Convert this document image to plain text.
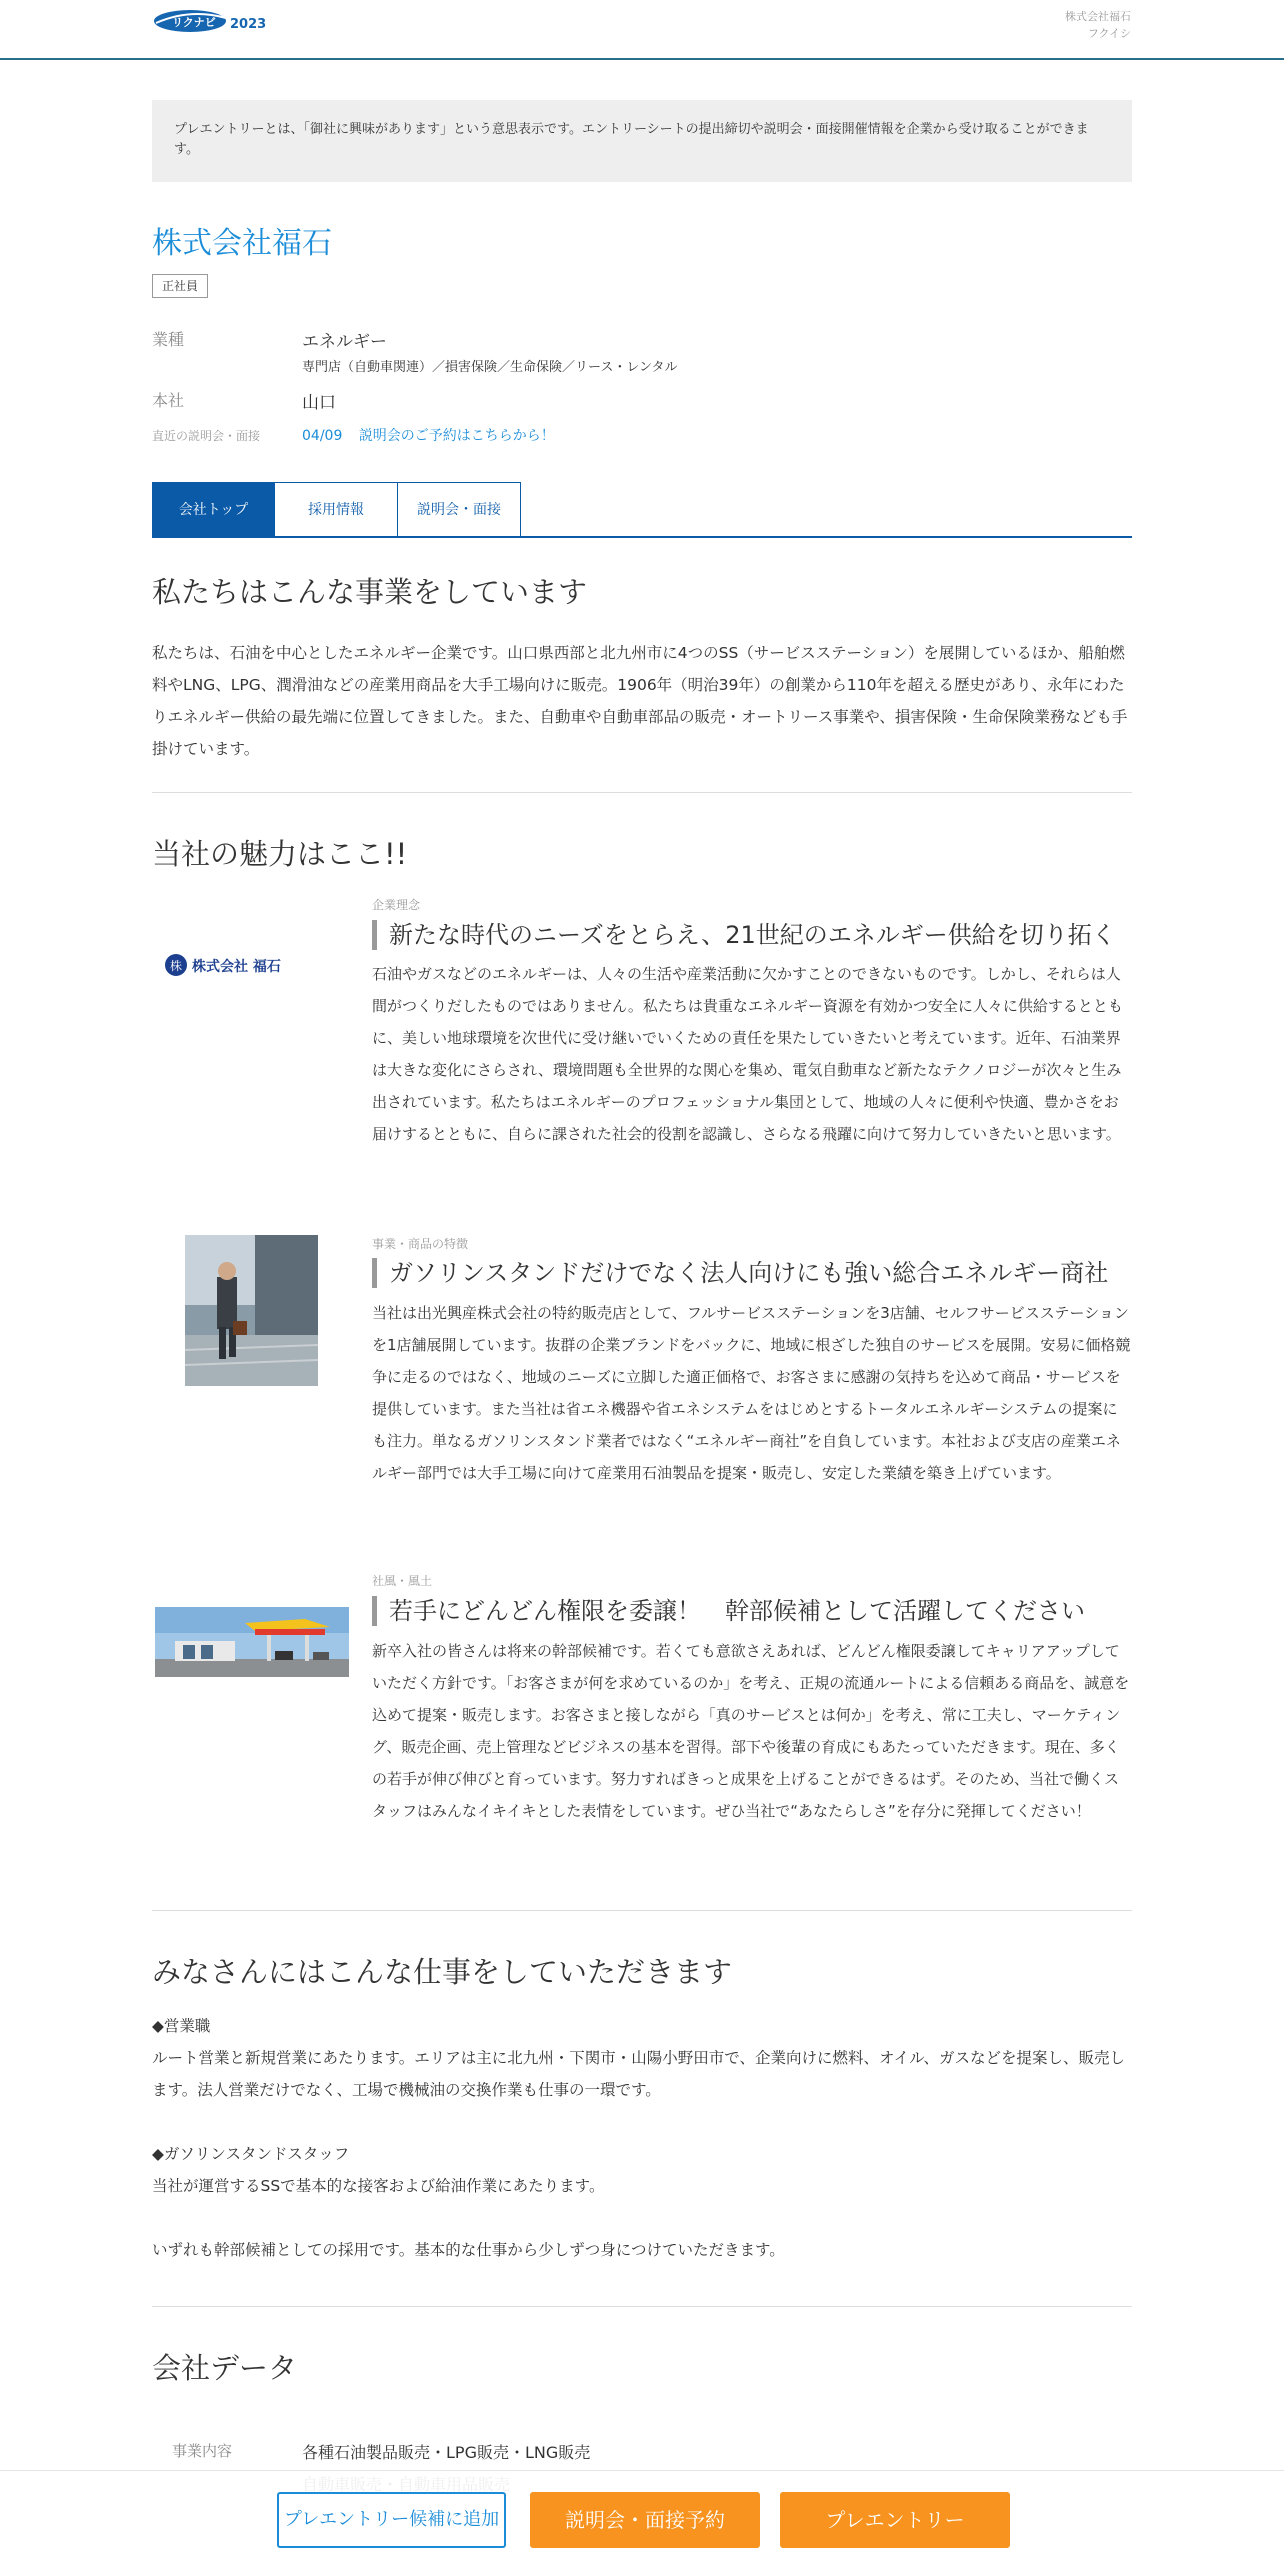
リクナビ 2023
株式会社福石
フクイシ
プレエントリーとは、「御社に興味があります」という意思表示です。エントリーシートの提出締切や説明会・面接開催情報を企業から受け取ることができます。
株式会社福石
正社員
業種	エネルギー
専門店（自動車関連）／損害保険／生命保険／リース・レンタル
本社	山口
直近の説明会・面接	04/09 説明会のご予約はこちらから！
会社トップ	採用情報	説明会・面接
私たちはこんな事業をしています
私たちは、石油を中心としたエネルギー企業です。山口県西部と北九州市に4つのSS（サービスステーション）を展開しているほか、船舶燃料やLNG、LPG、潤滑油などの産業用商品を大手工場向けに販売。1906年（明治39年）の創業から110年を超える歴史があり、永年にわたりエネルギー供給の最先端に位置してきました。また、自動車や自動車部品の販売・オートリース事業や、損害保険・生命保険業務なども手掛けています。
当社の魅力はここ!!
株 株式会社 福石
企業理念
新たな時代のニーズをとらえ、21世紀のエネルギー供給を切り拓く
石油やガスなどのエネルギーは、人々の生活や産業活動に欠かすことのできないものです。しかし、それらは人間がつくりだしたものではありません。私たちは貴重なエネルギー資源を有効かつ安全に人々に供給するとともに、美しい地球環境を次世代に受け継いでいくための責任を果たしていきたいと考えています。近年、石油業界は大きな変化にさらされ、環境問題も全世界的な関心を集め、電気自動車など新たなテクノロジーが次々と生み出されています。私たちはエネルギーのプロフェッショナル集団として、地域の人々に便利や快適、豊かさをお届けするとともに、自らに課された社会的役割を認識し、さらなる飛躍に向けて努力していきたいと思います。
事業・商品の特徴
ガソリンスタンドだけでなく法人向けにも強い総合エネルギー商社
当社は出光興産株式会社の特約販売店として、フルサービスステーションを3店舗、セルフサービスステーションを1店舗展開しています。抜群の企業ブランドをバックに、地域に根ざした独自のサービスを展開。安易に価格競争に走るのではなく、地域のニーズに立脚した適正価格で、お客さまに感謝の気持ちを込めて商品・サービスを提供しています。また当社は省エネ機器や省エネシステムをはじめとするトータルエネルギーシステムの提案にも注力。単なるガソリンスタンド業者ではなく“エネルギー商社”を自負しています。本社および支店の産業エネルギー部門では大手工場に向けて産業用石油製品を提案・販売し、安定した業績を築き上げています。
社風・風土
若手にどんどん権限を委譲！　幹部候補として活躍してください
新卒入社の皆さんは将来の幹部候補です。若くても意欲さえあれば、どんどん権限委譲してキャリアアップしていただく方針です。「お客さまが何を求めているのか」を考え、正規の流通ルートによる信頼ある商品を、誠意を込めて提案・販売します。お客さまと接しながら「真のサービスとは何か」を考え、常に工夫し、マーケティング、販売企画、売上管理などビジネスの基本を習得。部下や後輩の育成にもあたっていただきます。現在、多くの若手が伸び伸びと育っています。努力すればきっと成果を上げることができるはず。そのため、当社で働くスタッフはみんなイキイキとした表情をしています。ぜひ当社で“あなたらしさ”を存分に発揮してください！
みなさんにはこんな仕事をしていただきます
◆営業職
ルート営業と新規営業にあたります。エリアは主に北九州・下関市・山陽小野田市で、企業向けに燃料、オイル、ガスなどを提案し、販売します。法人営業だけでなく、工場で機械油の交換作業も仕事の一環です。
◆ガソリンスタンドスタッフ
当社が運営するSSで基本的な接客および給油作業にあたります。
いずれも幹部候補としての採用です。基本的な仕事から少しずつ身につけていただきます。
会社データ
事業内容	各種石油製品販売・LPG販売・LNG販売
プレエントリー候補に追加	説明会・面接予約	プレエントリー
